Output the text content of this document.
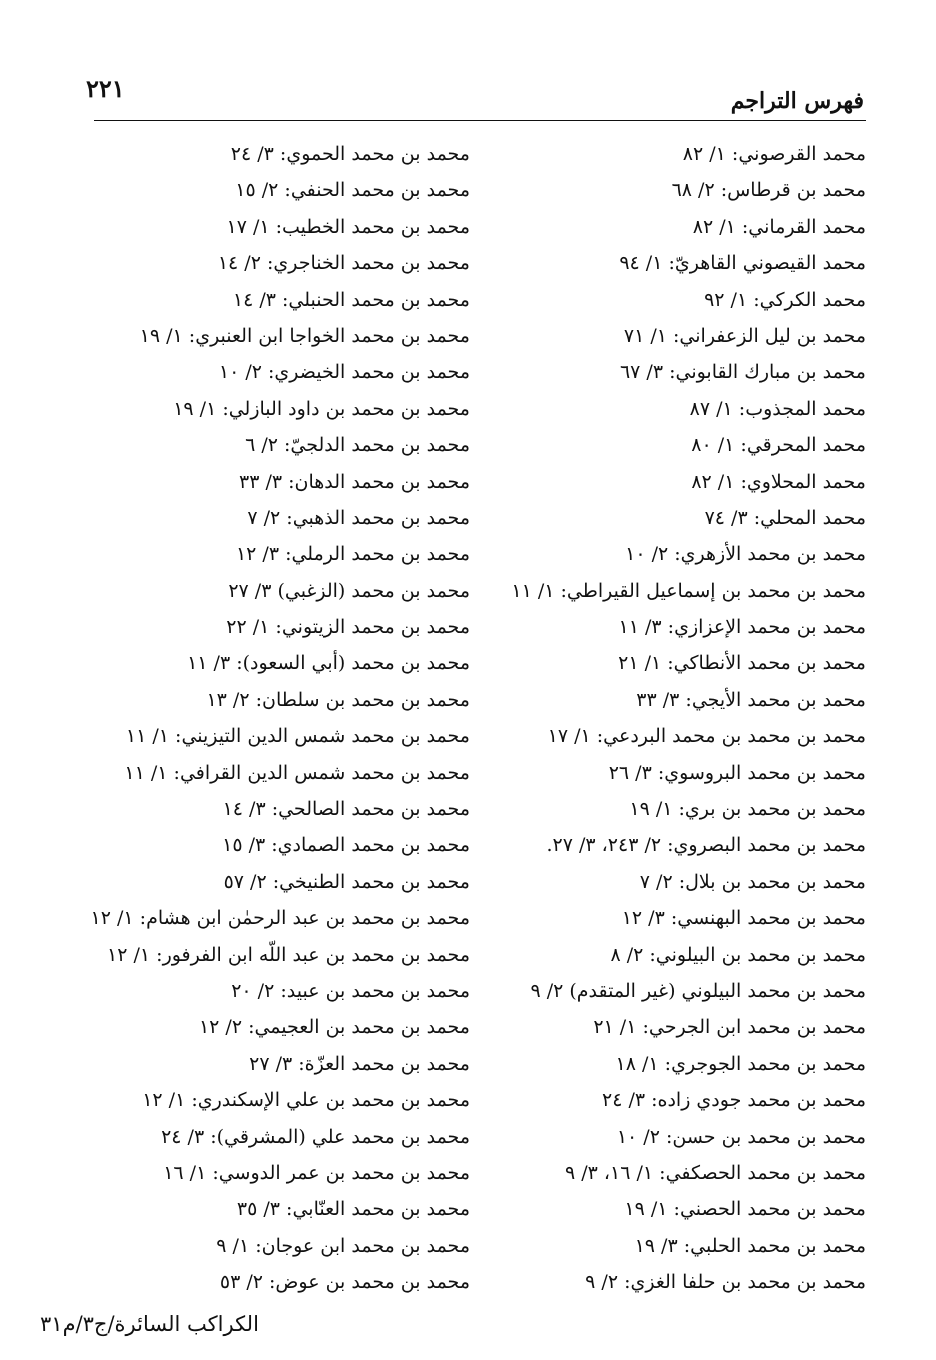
٢٢١	فهرس التراجم
محمد القرصوني: ١/ ٨٢
محمد بن قرطاس: ٢/ ٦٨
محمد القرماني: ١/ ٨٢
محمد القيصوني القاهريّ: ١/ ٩٤
محمد الكركي: ١/ ٩٢
محمد بن ليل الزعفراني: ١/ ٧١
محمد بن مبارك القابوني: ٣/ ٦٧
محمد المجذوب: ١/ ٨٧
محمد المحرقي: ١/ ٨٠
محمد المحلاوي: ١/ ٨٢
محمد المحلي: ٣/ ٧٤
محمد بن محمد الأزهري: ٢/ ١٠
محمد بن محمد بن إسماعيل القيراطي: ١/ ١١
محمد بن محمد الإعزازي: ٣/ ١١
محمد بن محمد الأنطاكي: ١/ ٢١
محمد بن محمد الأيجي: ٣/ ٣٣
محمد بن محمد بن محمد البردعي: ١/ ١٧
محمد بن محمد البروسوي: ٣/ ٢٦
محمد بن محمد بن بري: ١/ ١٩
محمد بن محمد البصروي: ٢/ ٢٤٣، ٣/ ٢٧.
محمد بن محمد بن بلال: ٢/ ٧
محمد بن محمد البهنسي: ٣/ ١٢
محمد بن محمد بن البيلوني: ٢/ ٨
محمد بن محمد البيلوني (غير المتقدم) ٢/ ٩
محمد بن محمد ابن الجرحي: ١/ ٢١
محمد بن محمد الجوجري: ١/ ١٨
محمد بن محمد جودي زاده: ٣/ ٢٤
محمد بن محمد بن حسن: ٢/ ١٠
محمد بن محمد الحصكفي: ١/ ١٦، ٣/ ٩
محمد بن محمد الحصني: ١/ ١٩
محمد بن محمد الحلبي: ٣/ ١٩
محمد بن محمد بن حلفا الغزي: ٢/ ٩
محمد بن محمد الحموي: ٣/ ٢٤
محمد بن محمد الحنفي: ٢/ ١٥
محمد بن محمد الخطيب: ١/ ١٧
محمد بن محمد الخناجري: ٢/ ١٤
محمد بن محمد الحنبلي: ٣/ ١٤
محمد بن محمد الخواجا ابن العنبري: ١/ ١٩
محمد بن محمد الخيضري: ٢/ ١٠
محمد بن محمد بن داود البازلي: ١/ ١٩
محمد بن محمد الدلجيّ: ٢/ ٦
محمد بن محمد الدهان: ٣/ ٣٣
محمد بن محمد الذهبي: ٢/ ٧
محمد بن محمد الرملي: ٣/ ١٢
محمد بن محمد (الزغبي) ٣/ ٢٧
محمد بن محمد الزيتوني: ١/ ٢٢
محمد بن محمد (أبي السعود): ٣/ ١١
محمد بن محمد بن سلطان: ٢/ ١٣
محمد بن محمد شمس الدين التيزيني: ١/ ١١
محمد بن محمد شمس الدين القرافي: ١/ ١١
محمد بن محمد الصالحي: ٣/ ١٤
محمد بن محمد الصمادي: ٣/ ١٥
محمد بن محمد الطنيخي: ٢/ ٥٧
محمد بن محمد بن عبد الرحمٰن ابن هشام: ١/ ١٢
محمد بن محمد بن عبد اللّه ابن الفرفور: ١/ ١٢
محمد بن محمد بن عبيد: ٢/ ٢٠
محمد بن محمد بن العجيمي: ٢/ ١٢
محمد بن محمد العزّة: ٣/ ٢٧
محمد بن محمد بن علي الإسكندري: ١/ ١٢
محمد بن محمد علي (المشرقي): ٣/ ٢٤
محمد بن محمد بن عمر الدوسي: ١/ ١٦
محمد بن محمد العنّابي: ٣/ ٣٥
محمد بن محمد ابن عوجان: ١/ ٩
محمد بن محمد بن عوض: ٢/ ٥٣
الكراكب السائرة/ج٣/م٣١
